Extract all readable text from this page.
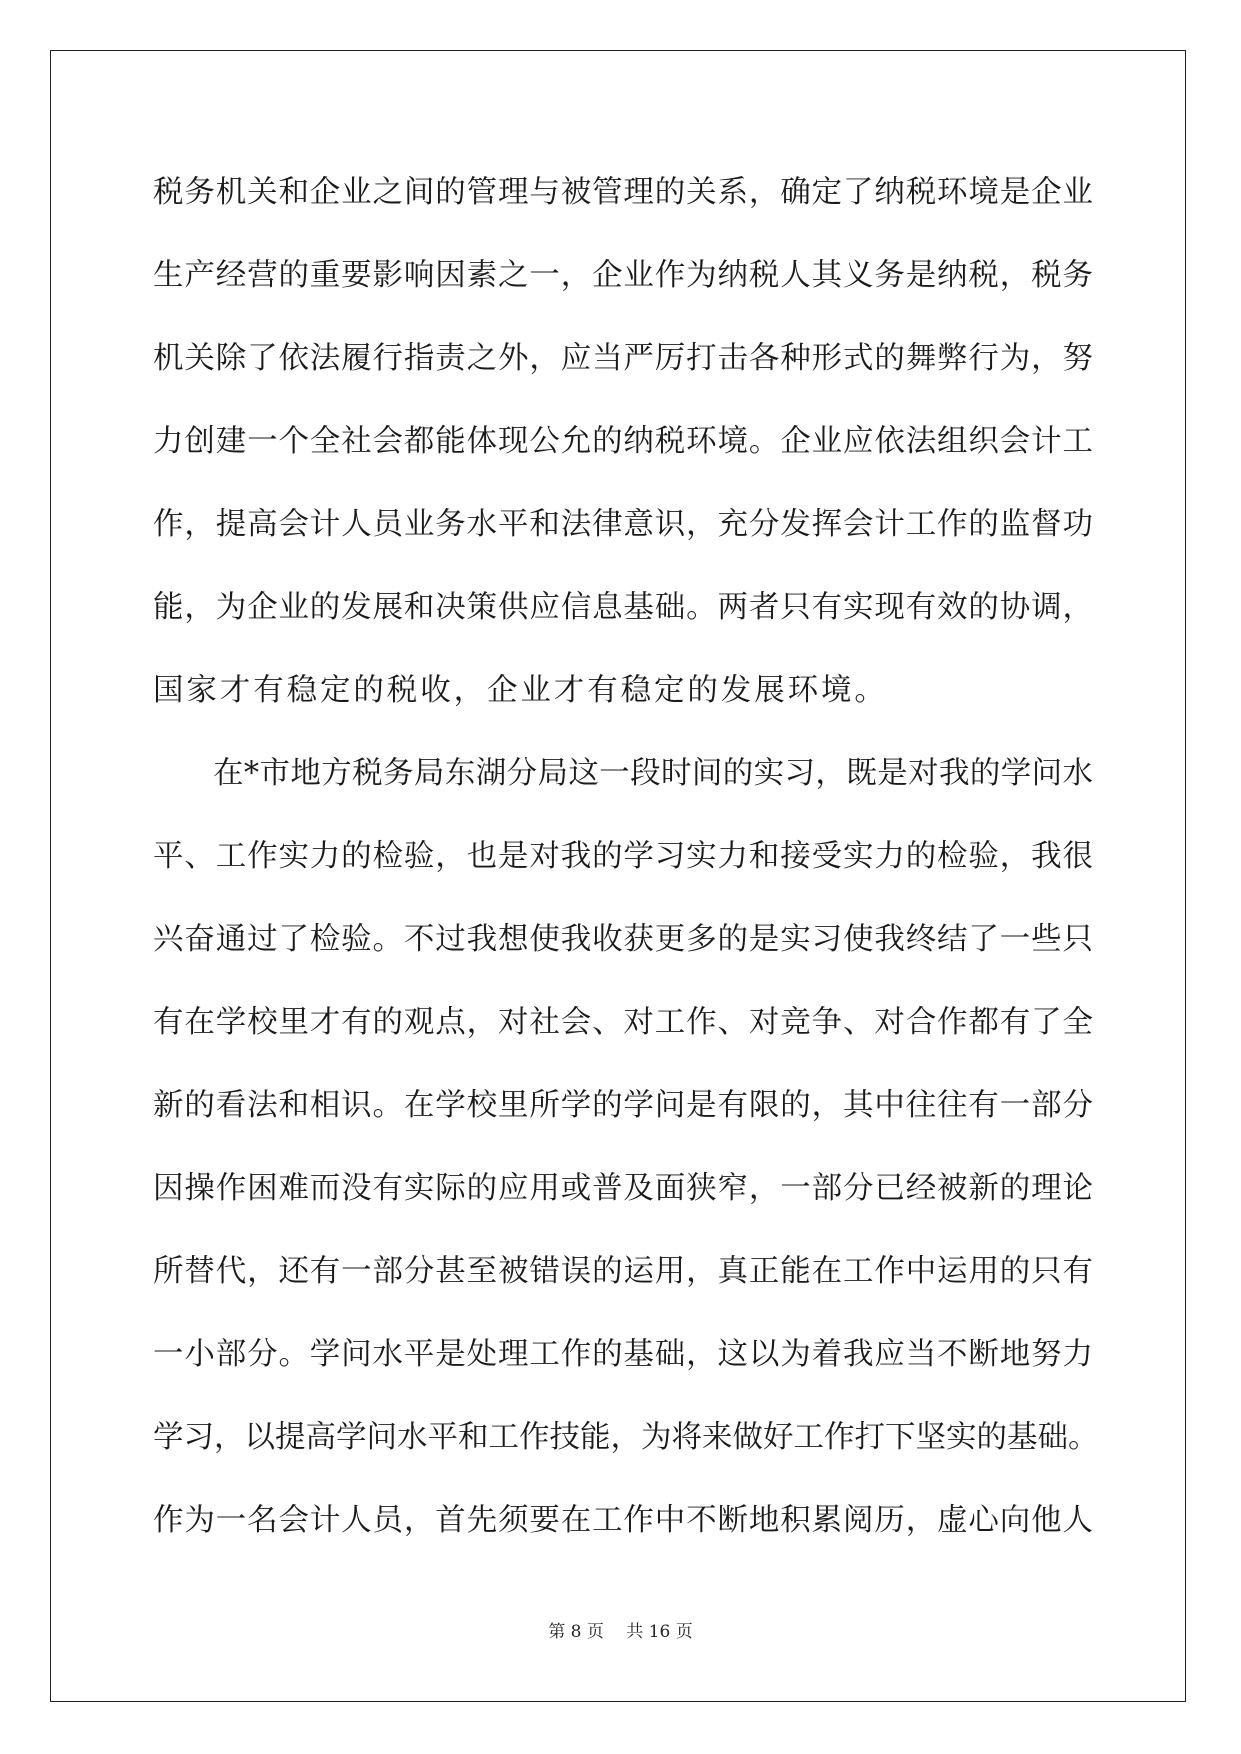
税务机关和企业之间的管理与被管理的关系，确定了纳税环境是企业
生产经营的重要影响因素之一，企业作为纳税人其义务是纳税，税务
机关除了依法履行指责之外，应当严厉打击各种形式的舞弊行为，努
力创建一个全社会都能体现公允的纳税环境。企业应依法组织会计工
作，提高会计人员业务水平和法律意识，充分发挥会计工作的监督功
能，为企业的发展和决策供应信息基础。两者只有实现有效的协调，
国家才有稳定的税收，企业才有稳定的发展环境。
在*市地方税务局东湖分局这一段时间的实习，既是对我的学问水
平、工作实力的检验，也是对我的学习实力和接受实力的检验，我很
兴奋通过了检验。不过我想使我收获更多的是实习使我终结了一些只
有在学校里才有的观点，对社会、对工作、对竞争、对合作都有了全
新的看法和相识。在学校里所学的学问是有限的，其中往往有一部分
因操作困难而没有实际的应用或普及面狭窄，一部分已经被新的理论
所替代，还有一部分甚至被错误的运用，真正能在工作中运用的只有
一小部分。学问水平是处理工作的基础，这以为着我应当不断地努力
学习，以提高学问水平和工作技能，为将来做好工作打下坚实的基础。
作为一名会计人员，首先须要在工作中不断地积累阅历，虚心向他人
第 8 页　 共 16 页
